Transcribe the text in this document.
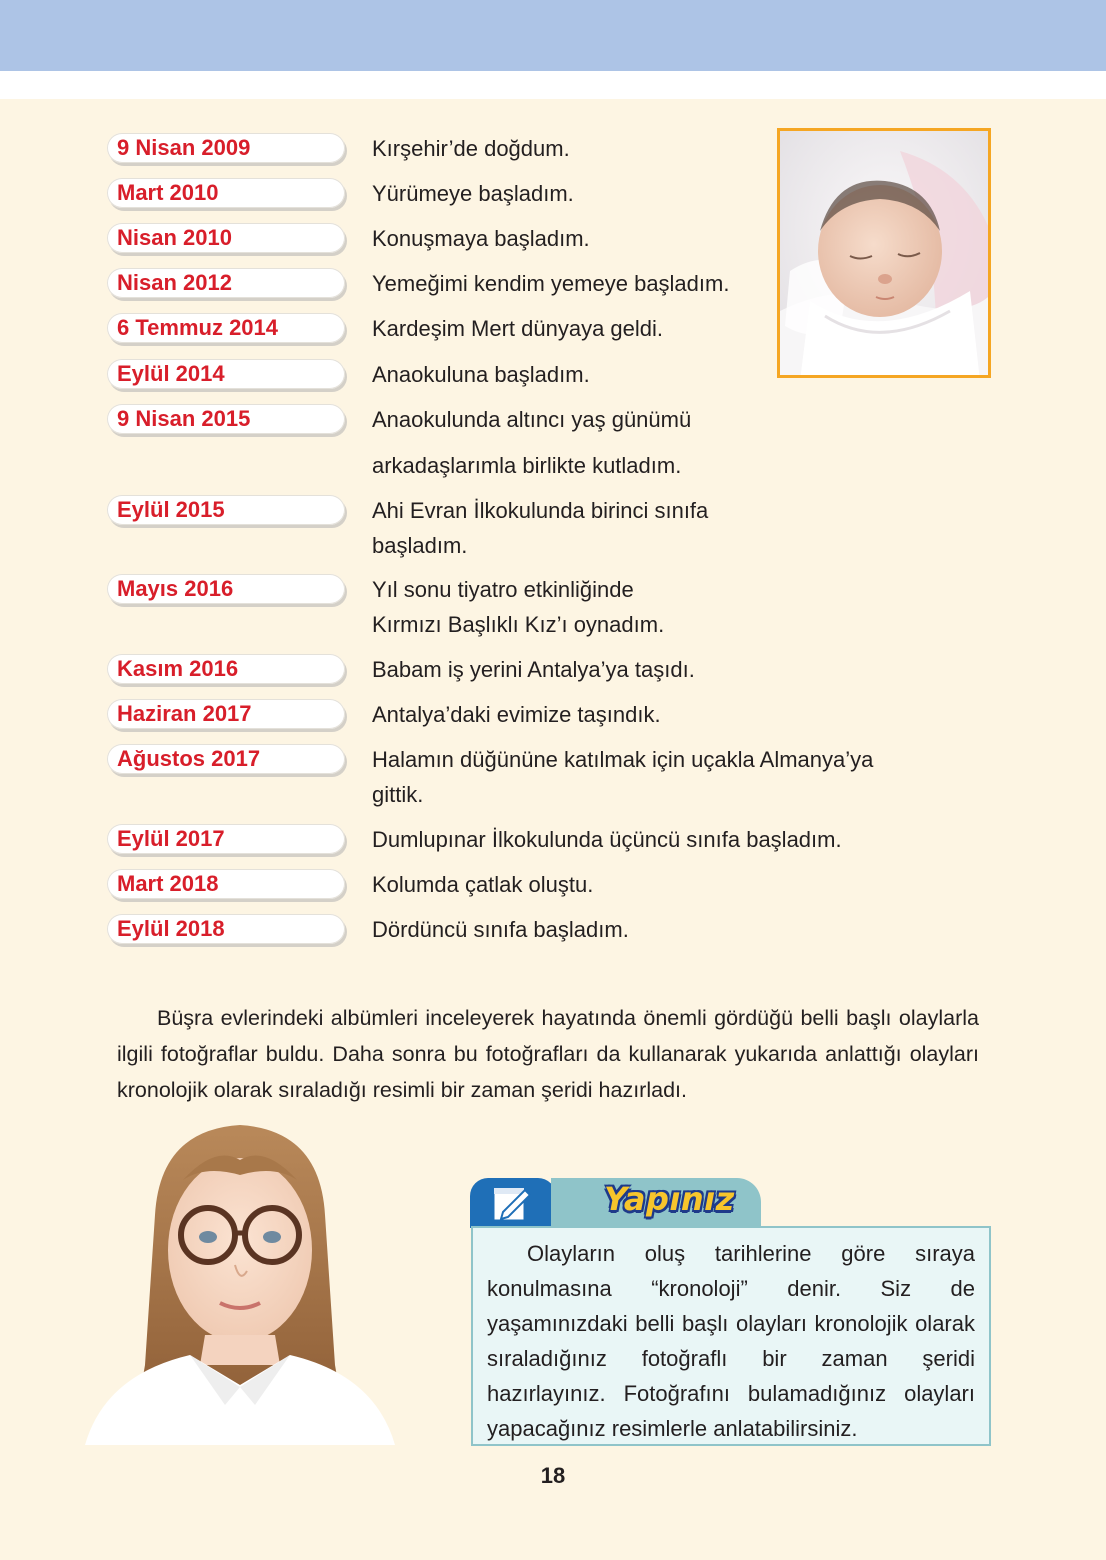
9 Nisan 2009	Kırşehir’de doğdum.
Mart 2010	Yürümeye başladım.
Nisan 2010	Konuşmaya başladım.
Nisan 2012	Yemeğimi kendim yemeye başladım.
6 Temmuz 2014	Kardeşim Mert dünyaya geldi.
Eylül 2014	Anaokuluna başladım.
9 Nisan 2015	Anaokulunda altıncı yaş günümü
arkadaşlarımla birlikte kutladım.
Eylül 2015	Ahi Evran İlkokulunda birinci sınıfa
başladım.
Mayıs 2016	Yıl sonu tiyatro etkinliğinde
Kırmızı Başlıklı Kız’ı oynadım.
Kasım 2016	Babam iş yerini Antalya’ya taşıdı.
Haziran 2017	Antalya’daki evimize taşındık.
Ağustos 2017	Halamın düğününe katılmak için uçakla Almanya’ya
gittik.
Eylül 2017	Dumlupınar İlkokulunda üçüncü sınıfa başladım.
Mart 2018	Kolumda çatlak oluştu.
Eylül 2018	Dördüncü sınıfa başladım.
Büşra evlerindeki albümleri inceleyerek hayatında önemli gördüğü belli başlı olaylarla ilgili fotoğraflar buldu. Daha sonra bu fotoğrafları da kullanarak yukarıda anlattığı olayları kronolojik olarak sıraladığı resimli bir zaman şeridi hazırladı.
Yapınız
Olayların oluş tarihlerine göre sıraya konulmasına “kronoloji” denir. Siz de yaşamınızdaki belli başlı olayları kronolojik olarak sıraladığınız fotoğraflı bir zaman şeridi hazırlayınız. Fotoğrafını bulamadığınız olayları yapacağınız resimlerle anlatabilirsiniz.
18
